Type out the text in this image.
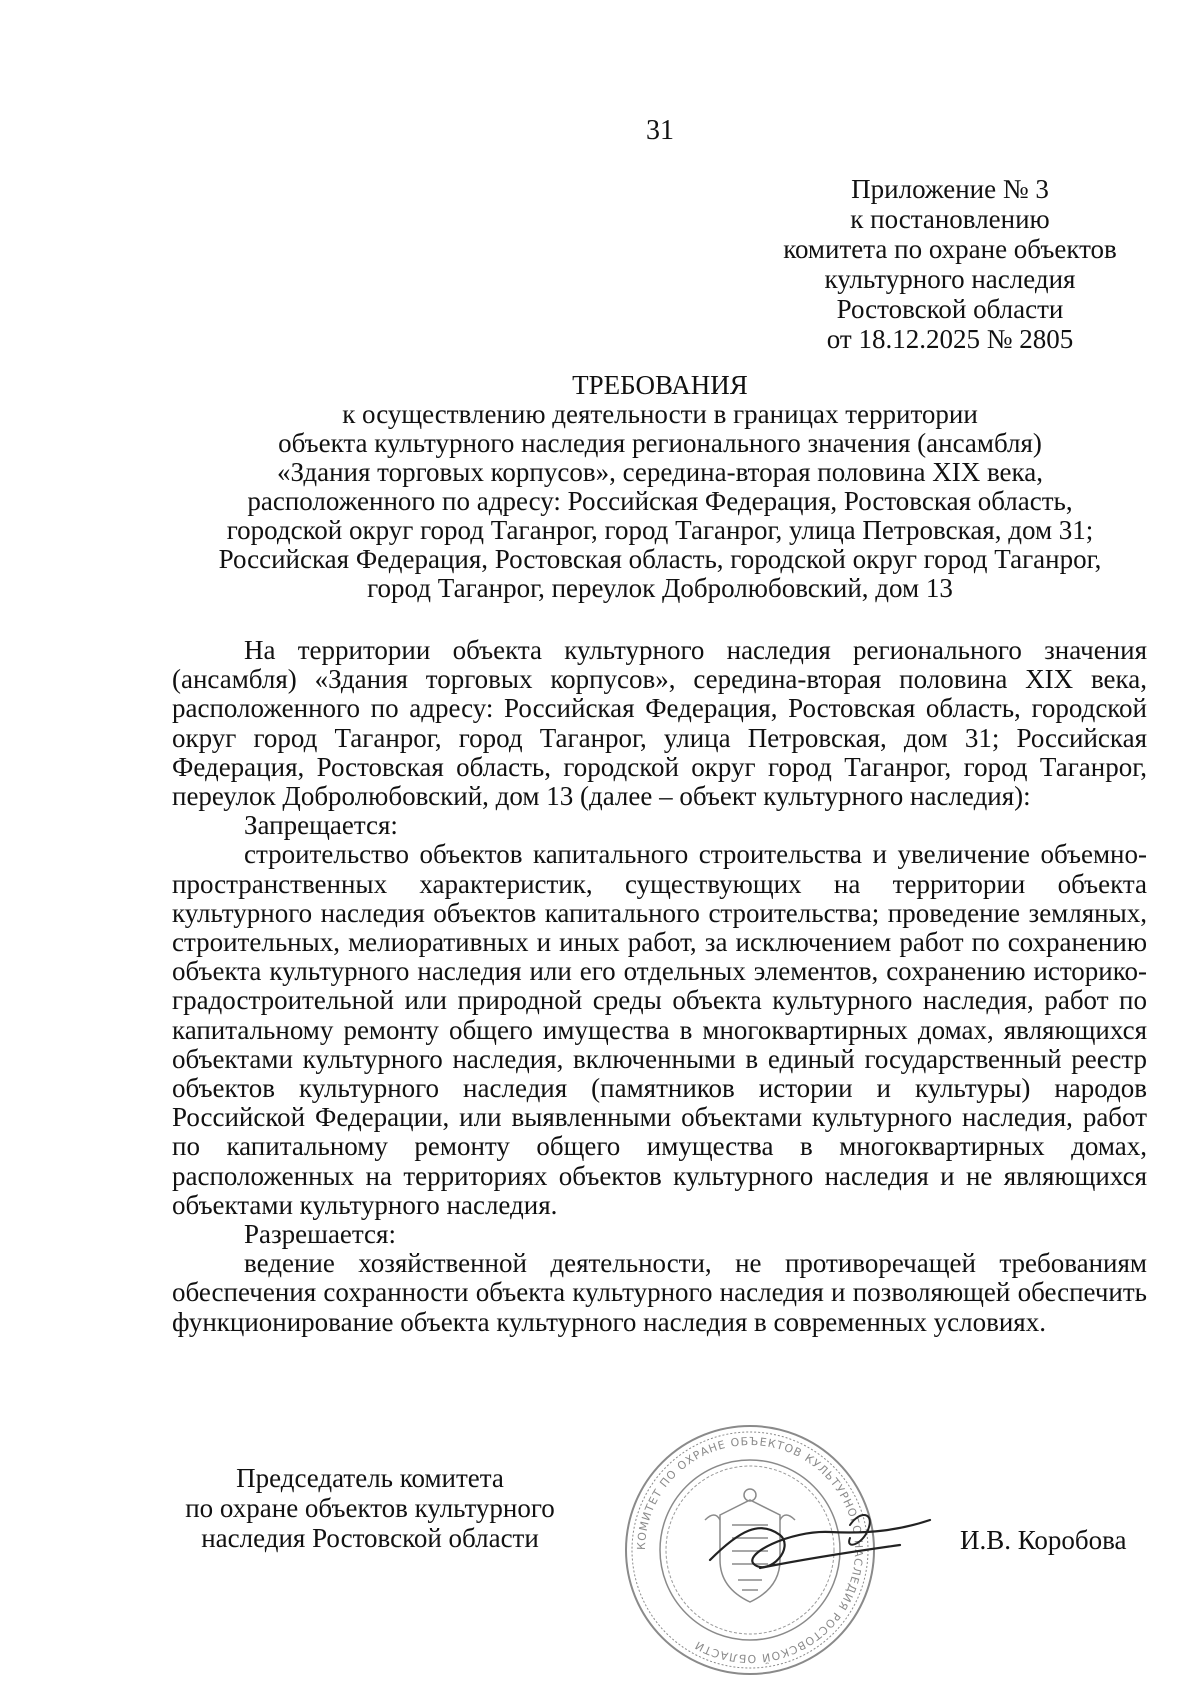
31
Приложение № 3
к постановлению
комитета по охране объектов
культурного наследия
Ростовской области
от 18.12.2025 № 2805
ТРЕБОВАНИЯ
к осуществлению деятельности в границах территории
объекта культурного наследия регионального значения (ансамбля)
«Здания торговых корпусов», середина-вторая половина XIX века,
расположенного по адресу: Российская Федерация, Ростовская область,
городской округ город Таганрог, город Таганрог, улица Петровская, дом 31;
Российская Федерация, Ростовская область, городской округ город Таганрог,
город Таганрог, переулок Добролюбовский, дом 13

На территории объекта культурного наследия регионального значения (ансамбля) «Здания торговых корпусов», середина-вторая половина XIX века, расположенного по адресу: Российская Федерация, Ростовская область, городской округ город Таганрог, город Таганрог, улица Петровская, дом 31; Российская Федерация, Ростовская область, городской округ город Таганрог, город Таганрог, переулок Добролюбовский, дом 13 (далее – объект культурного наследия):

Запрещается:

строительство объектов капитального строительства и увеличение объемно-пространственных характеристик, существующих на территории объекта культурного наследия объектов капитального строительства; проведение земляных, строительных, мелиоративных и иных работ, за исключением работ по сохранению объекта культурного наследия или его отдельных элементов, сохранению историко-градостроительной или природной среды объекта культурного наследия, работ по капитальному ремонту общего имущества в многоквартирных домах, являющихся объектами культурного наследия, включенными в единый государственный реестр объектов культурного наследия (памятников истории и культуры) народов Российской Федерации, или выявленными объектами культурного наследия, работ по капитальному ремонту общего имущества в многоквартирных домах, расположенных на территориях объектов культурного наследия и не являющихся объектами культурного наследия.

Разрешается:

ведение хозяйственной деятельности, не противоречащей требованиям обеспечения сохранности объекта культурного наследия и позволяющей обеспечить функционирование объекта культурного наследия в современных условиях.

Председатель комитета
по охране объектов культурного
наследия Ростовской области	КОМИТЕТ ПО ОХРАНЕ ОБЪЕКТОВ КУЛЬТУРНОГО НАСЛЕДИЯ РОСТОВСКОЙ ОБЛАСТИ
И.В. Коробова
